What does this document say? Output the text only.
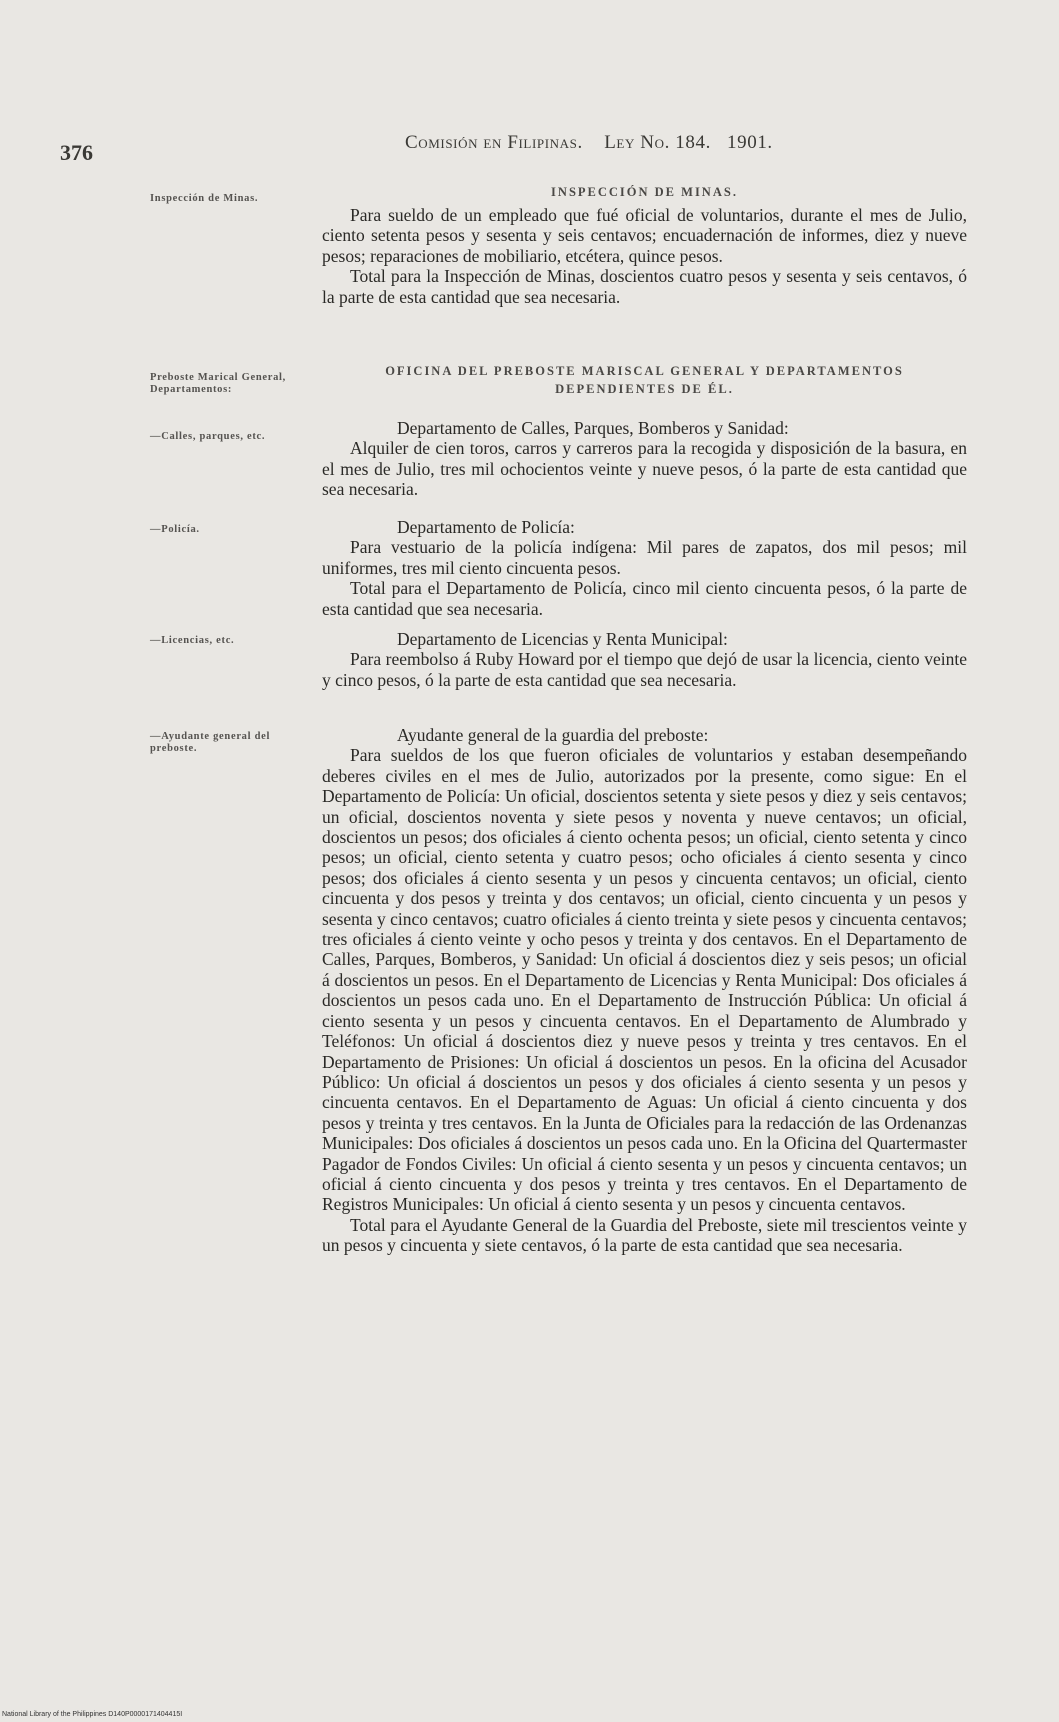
376	Comisión en Filipinas. Ley No. 184. 1901.
Inspección de Minas.
Preboste Marical General, Departamentos:
—Calles, parques, etc.
—Policía.
—Licencias, etc.
—Ayudante general del preboste.
INSPECCIÓN DE MINAS.

Para sueldo de un empleado que fué oficial de voluntarios, durante el mes de Julio, ciento setenta pesos y sesenta y seis centavos; encuadernación de informes, diez y nueve pesos; reparaciones de mobiliario, etcétera, quince pesos.

Total para la Inspección de Minas, doscientos cuatro pesos y sesenta y seis centavos, ó la parte de esta cantidad que sea necesaria.

OFICINA DEL PREBOSTE MARISCAL GENERAL Y DEPARTAMENTOS DEPENDIENTES DE ÉL.

Departamento de Calles, Parques, Bomberos y Sanidad:

Alquiler de cien toros, carros y carreros para la recogida y disposición de la basura, en el mes de Julio, tres mil ochocientos veinte y nueve pesos, ó la parte de esta cantidad que sea necesaria.

Departamento de Policía:

Para vestuario de la policía indígena: Mil pares de zapatos, dos mil pesos; mil uniformes, tres mil ciento cincuenta pesos.

Total para el Departamento de Policía, cinco mil ciento cincuenta pesos, ó la parte de esta cantidad que sea necesaria.

Departamento de Licencias y Renta Municipal:

Para reembolso á Ruby Howard por el tiempo que dejó de usar la licencia, ciento veinte y cinco pesos, ó la parte de esta cantidad que sea necesaria.

Ayudante general de la guardia del preboste:

Para sueldos de los que fueron oficiales de voluntarios y estaban desempeñando deberes civiles en el mes de Julio, autorizados por la presente, como sigue: En el Departamento de Policía: Un oficial, doscientos setenta y siete pesos y diez y seis centavos; un oficial, doscientos noventa y siete pesos y noventa y nueve centavos; un oficial, doscientos un pesos; dos oficiales á ciento ochenta pesos; un oficial, ciento setenta y cinco pesos; un oficial, ciento setenta y cuatro pesos; ocho oficiales á ciento sesenta y cinco pesos; dos oficiales á ciento sesenta y un pesos y cincuenta centavos; un oficial, ciento cincuenta y dos pesos y treinta y dos centavos; un oficial, ciento cincuenta y un pesos y sesenta y cinco centavos; cuatro oficiales á ciento treinta y siete pesos y cincuenta centavos; tres oficiales á ciento veinte y ocho pesos y treinta y dos centavos. En el Departamento de Calles, Parques, Bomberos, y Sanidad: Un oficial á doscientos diez y seis pesos; un oficial á doscientos un pesos. En el Departamento de Licencias y Renta Municipal: Dos oficiales á doscientos un pesos cada uno. En el Departamento de Instrucción Pública: Un oficial á ciento sesenta y un pesos y cincuenta centavos. En el Departamento de Alumbrado y Teléfonos: Un oficial á doscientos diez y nueve pesos y treinta y tres centavos. En el Departamento de Prisiones: Un oficial á doscientos un pesos. En la oficina del Acusador Público: Un oficial á doscientos un pesos y dos oficiales á ciento sesenta y un pesos y cincuenta centavos. En el Departamento de Aguas: Un oficial á ciento cincuenta y dos pesos y treinta y tres centavos. En la Junta de Oficiales para la redacción de las Ordenanzas Municipales: Dos oficiales á doscientos un pesos cada uno. En la Oficina del Quartermaster Pagador de Fondos Civiles: Un oficial á ciento sesenta y un pesos y cincuenta centavos; un oficial á ciento cincuenta y dos pesos y treinta y tres centavos. En el Departamento de Registros Municipales: Un oficial á ciento sesenta y un pesos y cincuenta centavos.

Total para el Ayudante General de la Guardia del Preboste, siete mil trescientos veinte y un pesos y cincuenta y siete centavos, ó la parte de esta cantidad que sea necesaria.

National Library of the Philippines D140P0000171404415I
